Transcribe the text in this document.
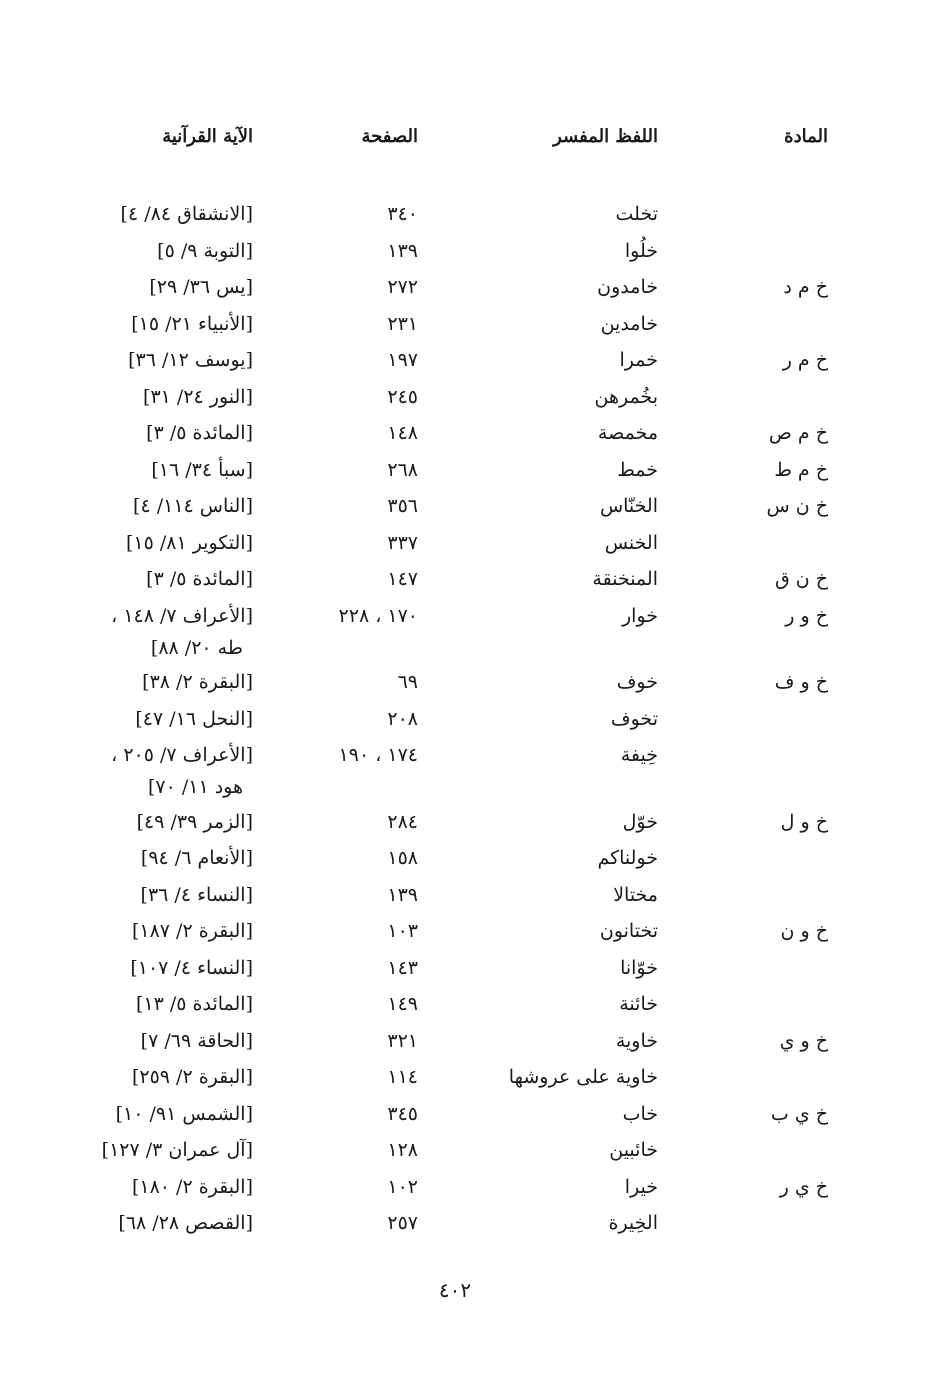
المادة
اللفظ المفسر
الصفحة
الآية القرآنية
تخلت
٣٤٠
[الانشقاق ٨٤/ ٤]
خلُوا
١٣٩
[التوبة ٩/ ٥]
خ م د
خامدون
٢٧٢
[يس ٣٦/ ٢٩]
خامدين
٢٣١
[الأنبياء ٢١/ ١٥]
خ م ر
خمرا
١٩٧
[يوسف ١٢/ ٣٦]
بخُمرهن
٢٤٥
[النور ٢٤/ ٣١]
خ م ص
مخمصة
١٤٨
[المائدة ٥/ ٣]
خ م ط
خمط
٢٦٨
[سبأ ٣٤/ ١٦]
خ ن س
الخنّاس
٣٥٦
[الناس ١١٤/ ٤]
الخنس
٣٣٧
[التكوير ٨١/ ١٥]
خ ن ق
المنخنقة
١٤٧
[المائدة ٥/ ٣]
خ و ر
خوار
١٧٠ ، ٢٢٨
[الأعراف ٧/ ١٤٨ ،
طه ٢٠/ ٨٨]
خ و ف
خوف
٦٩
[البقرة ٢/ ٣٨]
تخوف
٢٠٨
[النحل ١٦/ ٤٧]
خِيفة
١٧٤ ، ١٩٠
[الأعراف ٧/ ٢٠٥ ،
هود ١١/ ٧٠]
خ و ل
خوّل
٢٨٤
[الزمر ٣٩/ ٤٩]
خولناكم
١٥٨
[الأنعام ٦/ ٩٤]
مختالا
١٣٩
[النساء ٤/ ٣٦]
خ و ن
تختانون
١٠٣
[البقرة ٢/ ١٨٧]
خوّانا
١٤٣
[النساء ٤/ ١٠٧]
خائنة
١٤٩
[المائدة ٥/ ١٣]
خ و ي
خاوية
٣٢١
[الحاقة ٦٩/ ٧]
خاوية على عروشها
١١٤
[البقرة ٢/ ٢٥٩]
خ ي ب
خاب
٣٤٥
[الشمس ٩١/ ١٠]
خائبين
١٢٨
[آل عمران ٣/ ١٢٧]
خ ي ر
خيرا
١٠٢
[البقرة ٢/ ١٨٠]
الخِيرة
٢٥٧
[القصص ٢٨/ ٦٨]
٤٠٢
